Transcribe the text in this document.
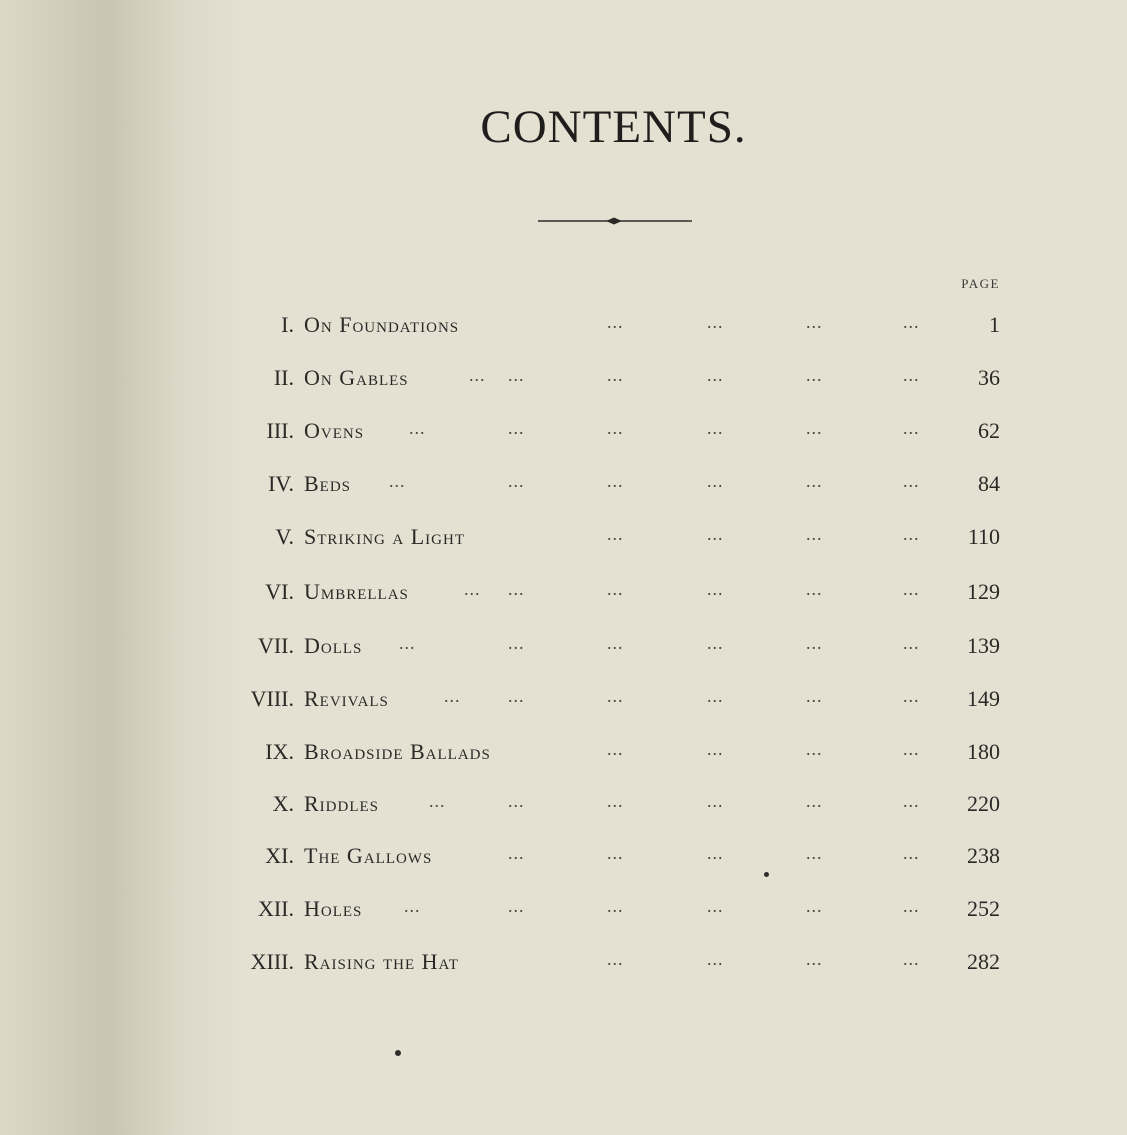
CONTENTS.
PAGE
I. On Foundations	...	...	...	...	1
II. On Gables	... ...	...	...	...	...	36
III. Ovens ...	...	...	...	...	...	62
IV. Beds ...	...	...	...	...	...	84
V. Striking a Light	...	...	...	... 110
VI. Umbrellas	... ...	...	...	...	... 129
VII. Dolls ...	...	...	...	...	... 139
VIII. Revivals	...	...	...	...	...	... 149
IX. Broadside Ballads	...	...	...	... 180
X. Riddles	...	...	...	...	...	... 220
XI. The Gallows	...	...	...	...	... 238
XII. Holes ...	...	...	...	...	... 252
XIII. Raising the Hat	...	...	...	... 282
